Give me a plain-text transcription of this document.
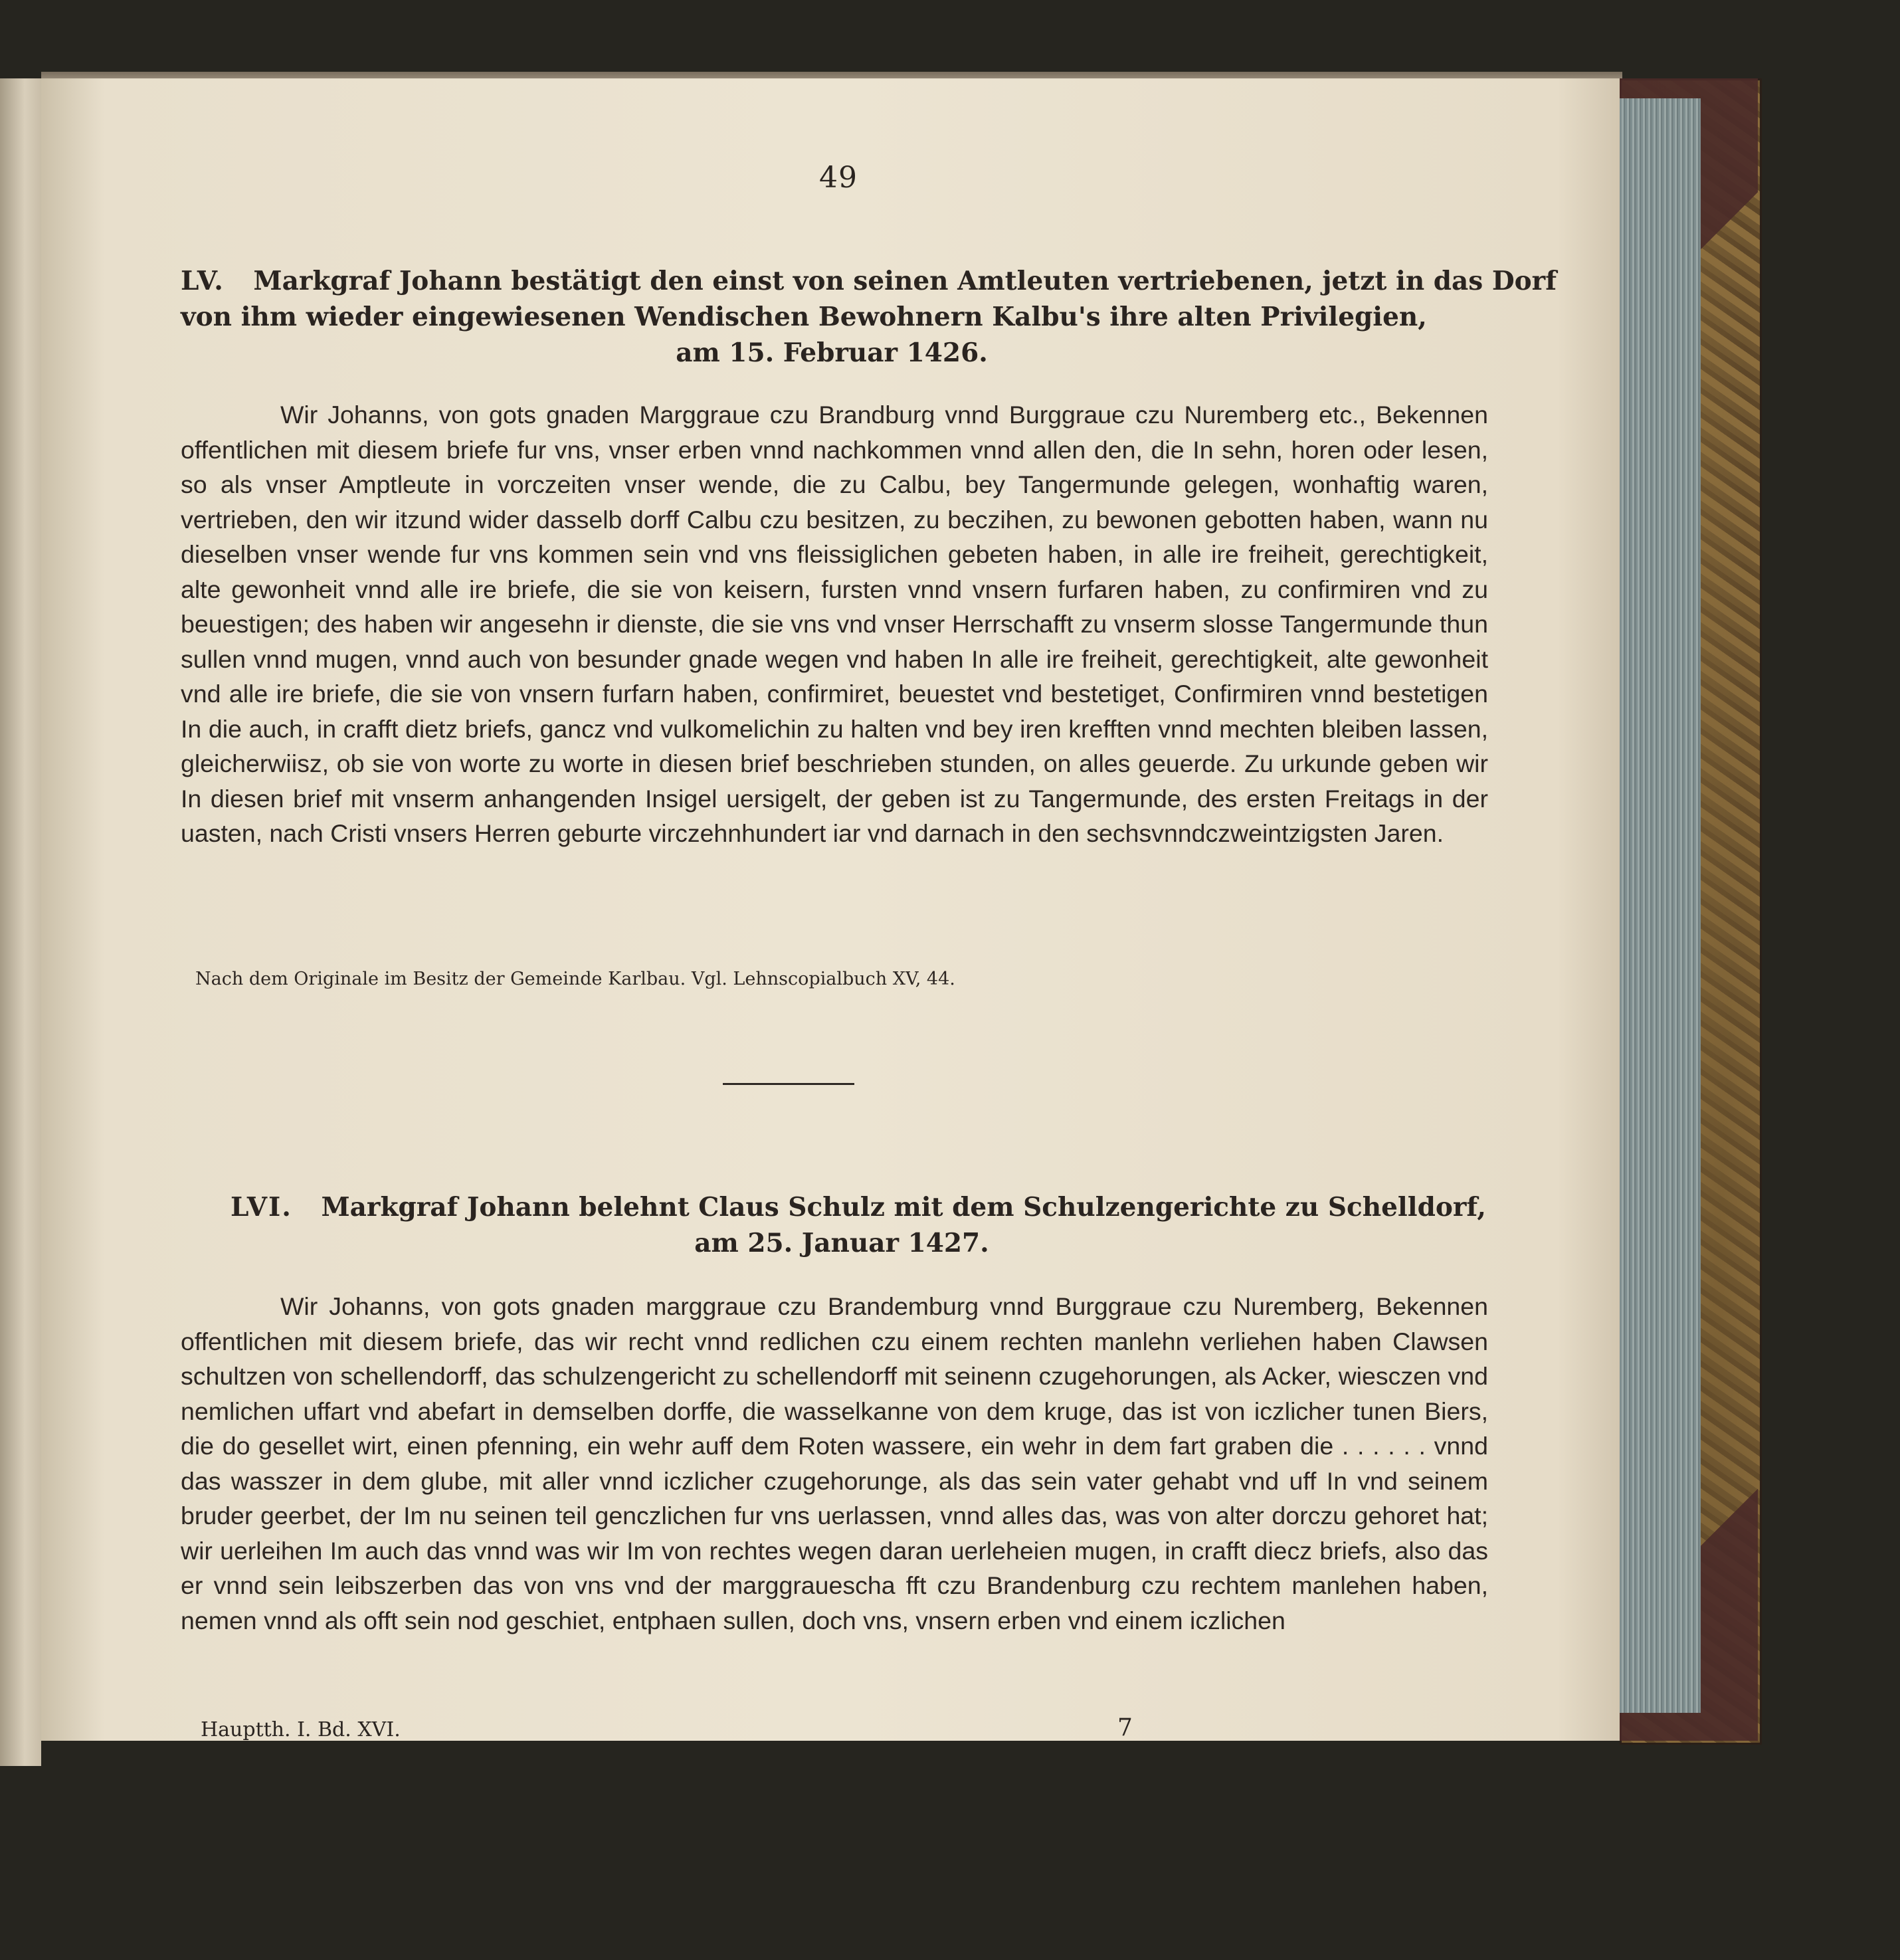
49
LV. Markgraf Johann bestätigt den einst von seinen Amtleuten vertriebenen, jetzt in das Dorf
von ihm wieder eingewiesenen Wendischen Bewohnern Kalbu's ihre alten Privilegien,
am 15. Februar 1426.

Wir Johanns, von gots gnaden Marggraue czu Brandburg vnnd Burggraue czu Nuremberg etc., Bekennen offentlichen mit diesem briefe fur vns, vnser erben vnnd nachkommen vnnd allen den, die In sehn, horen oder lesen, so als vnser Amptleute in vorczeiten vnser wende, die zu Calbu, bey Tangermunde gelegen, wonhaftig waren, vertrieben, den wir itzund wider dasselb dorff Calbu czu besitzen, zu beczihen, zu bewonen gebotten haben, wann nu dieselben vnser wende fur vns kommen sein vnd vns fleissiglichen gebeten haben, in alle ire freiheit, gerechtigkeit, alte gewonheit vnnd alle ire briefe, die sie von keisern, fursten vnnd vnsern furfaren haben, zu confirmiren vnd zu beuestigen; des haben wir angesehn ir dienste, die sie vns vnd vnser Herrschafft zu vnserm slosse Tangermunde thun sullen vnnd mugen, vnnd auch von besunder gnade wegen vnd haben In alle ire freiheit, gerechtigkeit, alte gewonheit vnd alle ire briefe, die sie von vnsern furfarn haben, confirmiret, beuestet vnd bestetiget, Confirmiren vnnd bestetigen In die auch, in crafft dietz briefs, gancz vnd vulkomelichin zu halten vnd bey iren krefften vnnd mechten bleiben lassen, gleicherwiisz, ob sie von worte zu worte in diesen brief beschrieben stunden, on alles geuerde. Zu urkunde geben wir In diesen brief mit vnserm anhangenden Insigel uersigelt, der geben ist zu Tangermunde, des ersten Freitags in der uasten, nach Cristi vnsers Herren geburte virczehnhundert iar vnd darnach in den sechsvnndczweintzigsten Jaren.

Nach dem Originale im Besitz der Gemeinde Karlbau. Vgl. Lehnscopialbuch XV, 44.
LVI. Markgraf Johann belehnt Claus Schulz mit dem Schulzengerichte zu Schelldorf,
am 25. Januar 1427.

Wir Johanns, von gots gnaden marggraue czu Brandemburg vnnd Burggraue czu Nuremberg, Bekennen offentlichen mit diesem briefe, das wir recht vnnd redlichen czu einem rechten manlehn verliehen haben Clawsen schultzen von schellendorff, das schulzengericht zu schellendorff mit seinenn czugehorungen, als Acker, wiesczen vnd nemlichen uffart vnd abefart in demselben dorffe, die wasselkanne von dem kruge, das ist von iczlicher tunen Biers, die do gesellet wirt, einen pfenning, ein wehr auff dem Roten wassere, ein wehr in dem fart graben die . . . . . . vnnd das wasszer in dem glube, mit aller vnnd iczlicher czugehorunge, als das sein vater gehabt vnd uff In vnd seinem bruder geerbet, der Im nu seinen teil genczlichen fur vns uerlassen, vnnd alles das, was von alter dorczu gehoret hat; wir uerleihen Im auch das vnnd was wir Im von rechtes wegen daran uerleheien mugen, in crafft diecz briefs, also das er vnnd sein leibszerben das von vns vnd der marggrauescha fft czu Brandenburg czu rechtem manlehen haben, nemen vnnd als offt sein nod geschiet, entphaen sullen, doch vns, vnsern erben vnd einem iczlichen

Hauptth. I. Bd. XVI.	7
